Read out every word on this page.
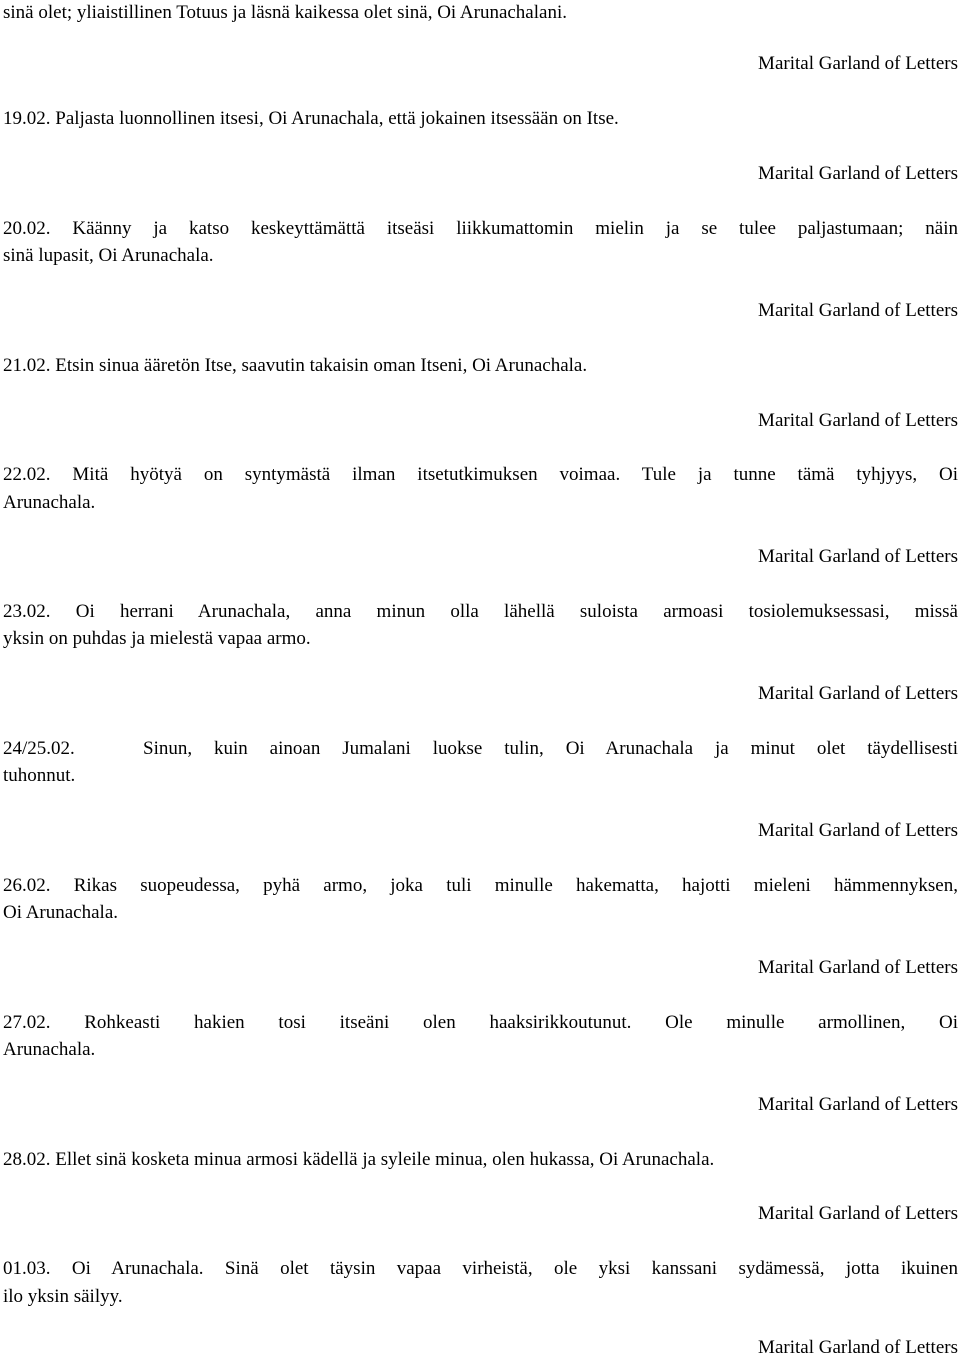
sinä olet; yliaistillinen Totuus ja läsnä kaikessa olet sinä, Oi Arunachalani.
Marital Garland of Letters
19.02. Paljasta luonnollinen itsesi, Oi Arunachala, että jokainen itsessään on Itse.
Marital Garland of Letters
20.02. Käänny ja katso keskeyttämättä itseäsi liikkumattomin mielin ja se tulee paljastumaan; näin
sinä lupasit, Oi Arunachala.
Marital Garland of Letters
21.02. Etsin sinua ääretön Itse, saavutin takaisin oman Itseni, Oi Arunachala.
Marital Garland of Letters
22.02. Mitä hyötyä on syntymästä ilman itsetutkimuksen voimaa. Tule ja tunne tämä tyhjyys, Oi
Arunachala.
Marital Garland of Letters
23.02. Oi herrani Arunachala, anna minun olla lähellä suloista armoasi tosiolemuksessasi, missä
yksin on puhdas ja mielestä vapaa armo.
Marital Garland of Letters
24/25.02.	Sinun, kuin ainoan Jumalani luokse tulin, Oi Arunachala ja minut olet täydellisesti
tuhonnut.
Marital Garland of Letters
26.02. Rikas suopeudessa, pyhä armo, joka tuli minulle hakematta, hajotti mieleni hämmennyksen,
Oi Arunachala.
Marital Garland of Letters
27.02. Rohkeasti hakien tosi itseäni olen haaksirikkoutunut. Ole minulle armollinen, Oi
Arunachala.
Marital Garland of Letters
28.02. Ellet sinä kosketa minua armosi kädellä ja syleile minua, olen hukassa, Oi Arunachala.
Marital Garland of Letters
01.03. Oi Arunachala. Sinä olet täysin vapaa virheistä, ole yksi kanssani sydämessä, jotta ikuinen
ilo yksin säilyy.
Marital Garland of Letters
